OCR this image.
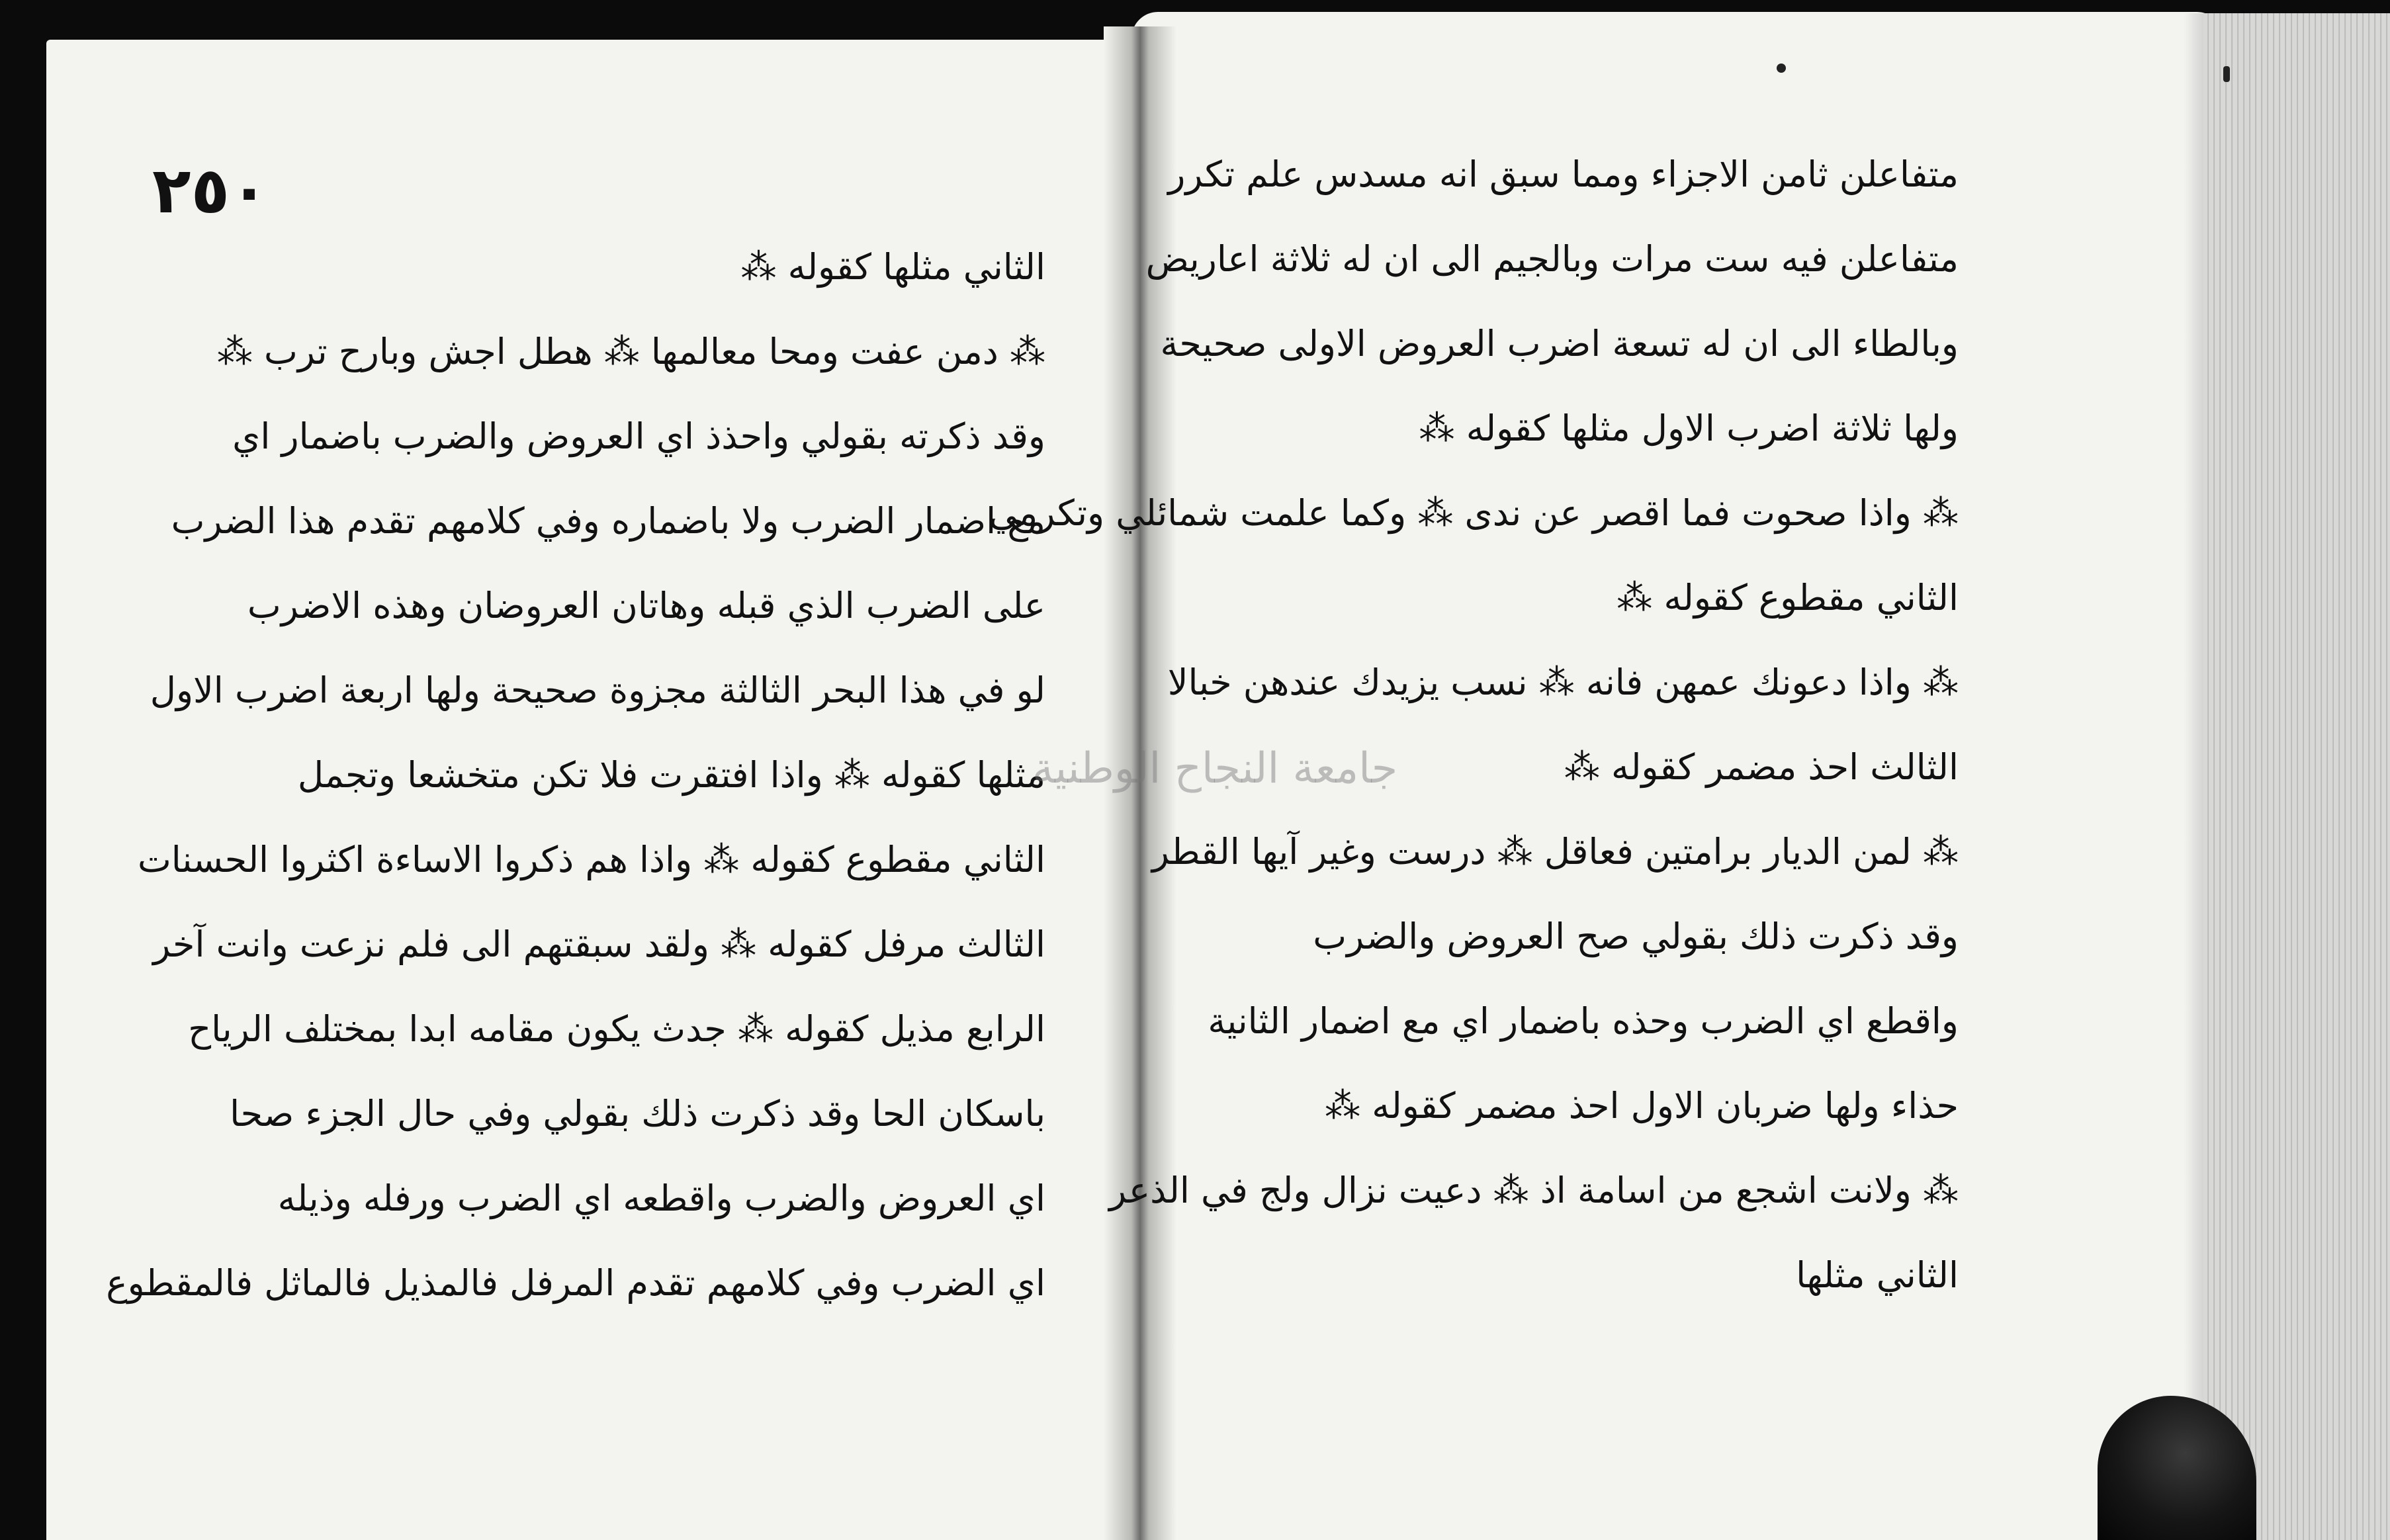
٢٥٠
الثاني مثلها كقوله ⁂
⁂ دمن عفت ومحا معالمها ⁂ هطل اجش وبارح ترب ⁂
وقد ذكرته بقولي واحذذ اي العروض والضرب باضمار اي
مع اضمار الضرب ولا باضماره وفي كلامهم تقدم هذا الضرب
على الضرب الذي قبله وهاتان العروضان وهذه الاضرب
لو في هذا البحر الثالثة مجزوة صحيحة ولها اربعة اضرب الاول
مثلها كقوله ⁂ واذا افتقرت فلا تكن متخشعا وتجمل
الثاني مقطوع كقوله ⁂ واذا هم ذكروا الاساءة اكثروا الحسنات
الثالث مرفل كقوله ⁂ ولقد سبقتهم الى فلم نزعت وانت آخر
الرابع مذيل كقوله ⁂ جدث يكون مقامه ابدا بمختلف الرياح
باسكان الحا وقد ذكرت ذلك بقولي وفي حال الجزء صحا
اي العروض والضرب واقطعه اي الضرب ورفله وذيله
اي الضرب وفي كلامهم تقدم المرفل فالمذيل فالماثل فالمقطوع
متفاعلن ثامن الاجزاء ومما سبق انه مسدس علم تكرر
متفاعلن فيه ست مرات وبالجيم الى ان له ثلاثة اعاريض
وبالطاء الى ان له تسعة اضرب العروض الاولى صحيحة
ولها ثلاثة اضرب الاول مثلها كقوله ⁂
⁂ واذا صحوت فما اقصر عن ندى ⁂ وكما علمت شمائلي وتكرمي
الثاني مقطوع كقوله ⁂
⁂ واذا دعونك عمهن فانه ⁂ نسب يزيدك عندهن خبالا
الثالث احذ مضمر كقوله ⁂
⁂ لمن الديار برامتين فعاقل ⁂ درست وغير آيها القطر
وقد ذكرت ذلك بقولي صح العروض والضرب
واقطع اي الضرب وحذه باضمار اي مع اضمار الثانية
حذاء ولها ضربان الاول احذ مضمر كقوله ⁂
⁂ ولانت اشجع من اسامة اذ ⁂ دعيت نزال ولج في الذعر
الثاني مثلها
جامعة النجاح الوطنية
